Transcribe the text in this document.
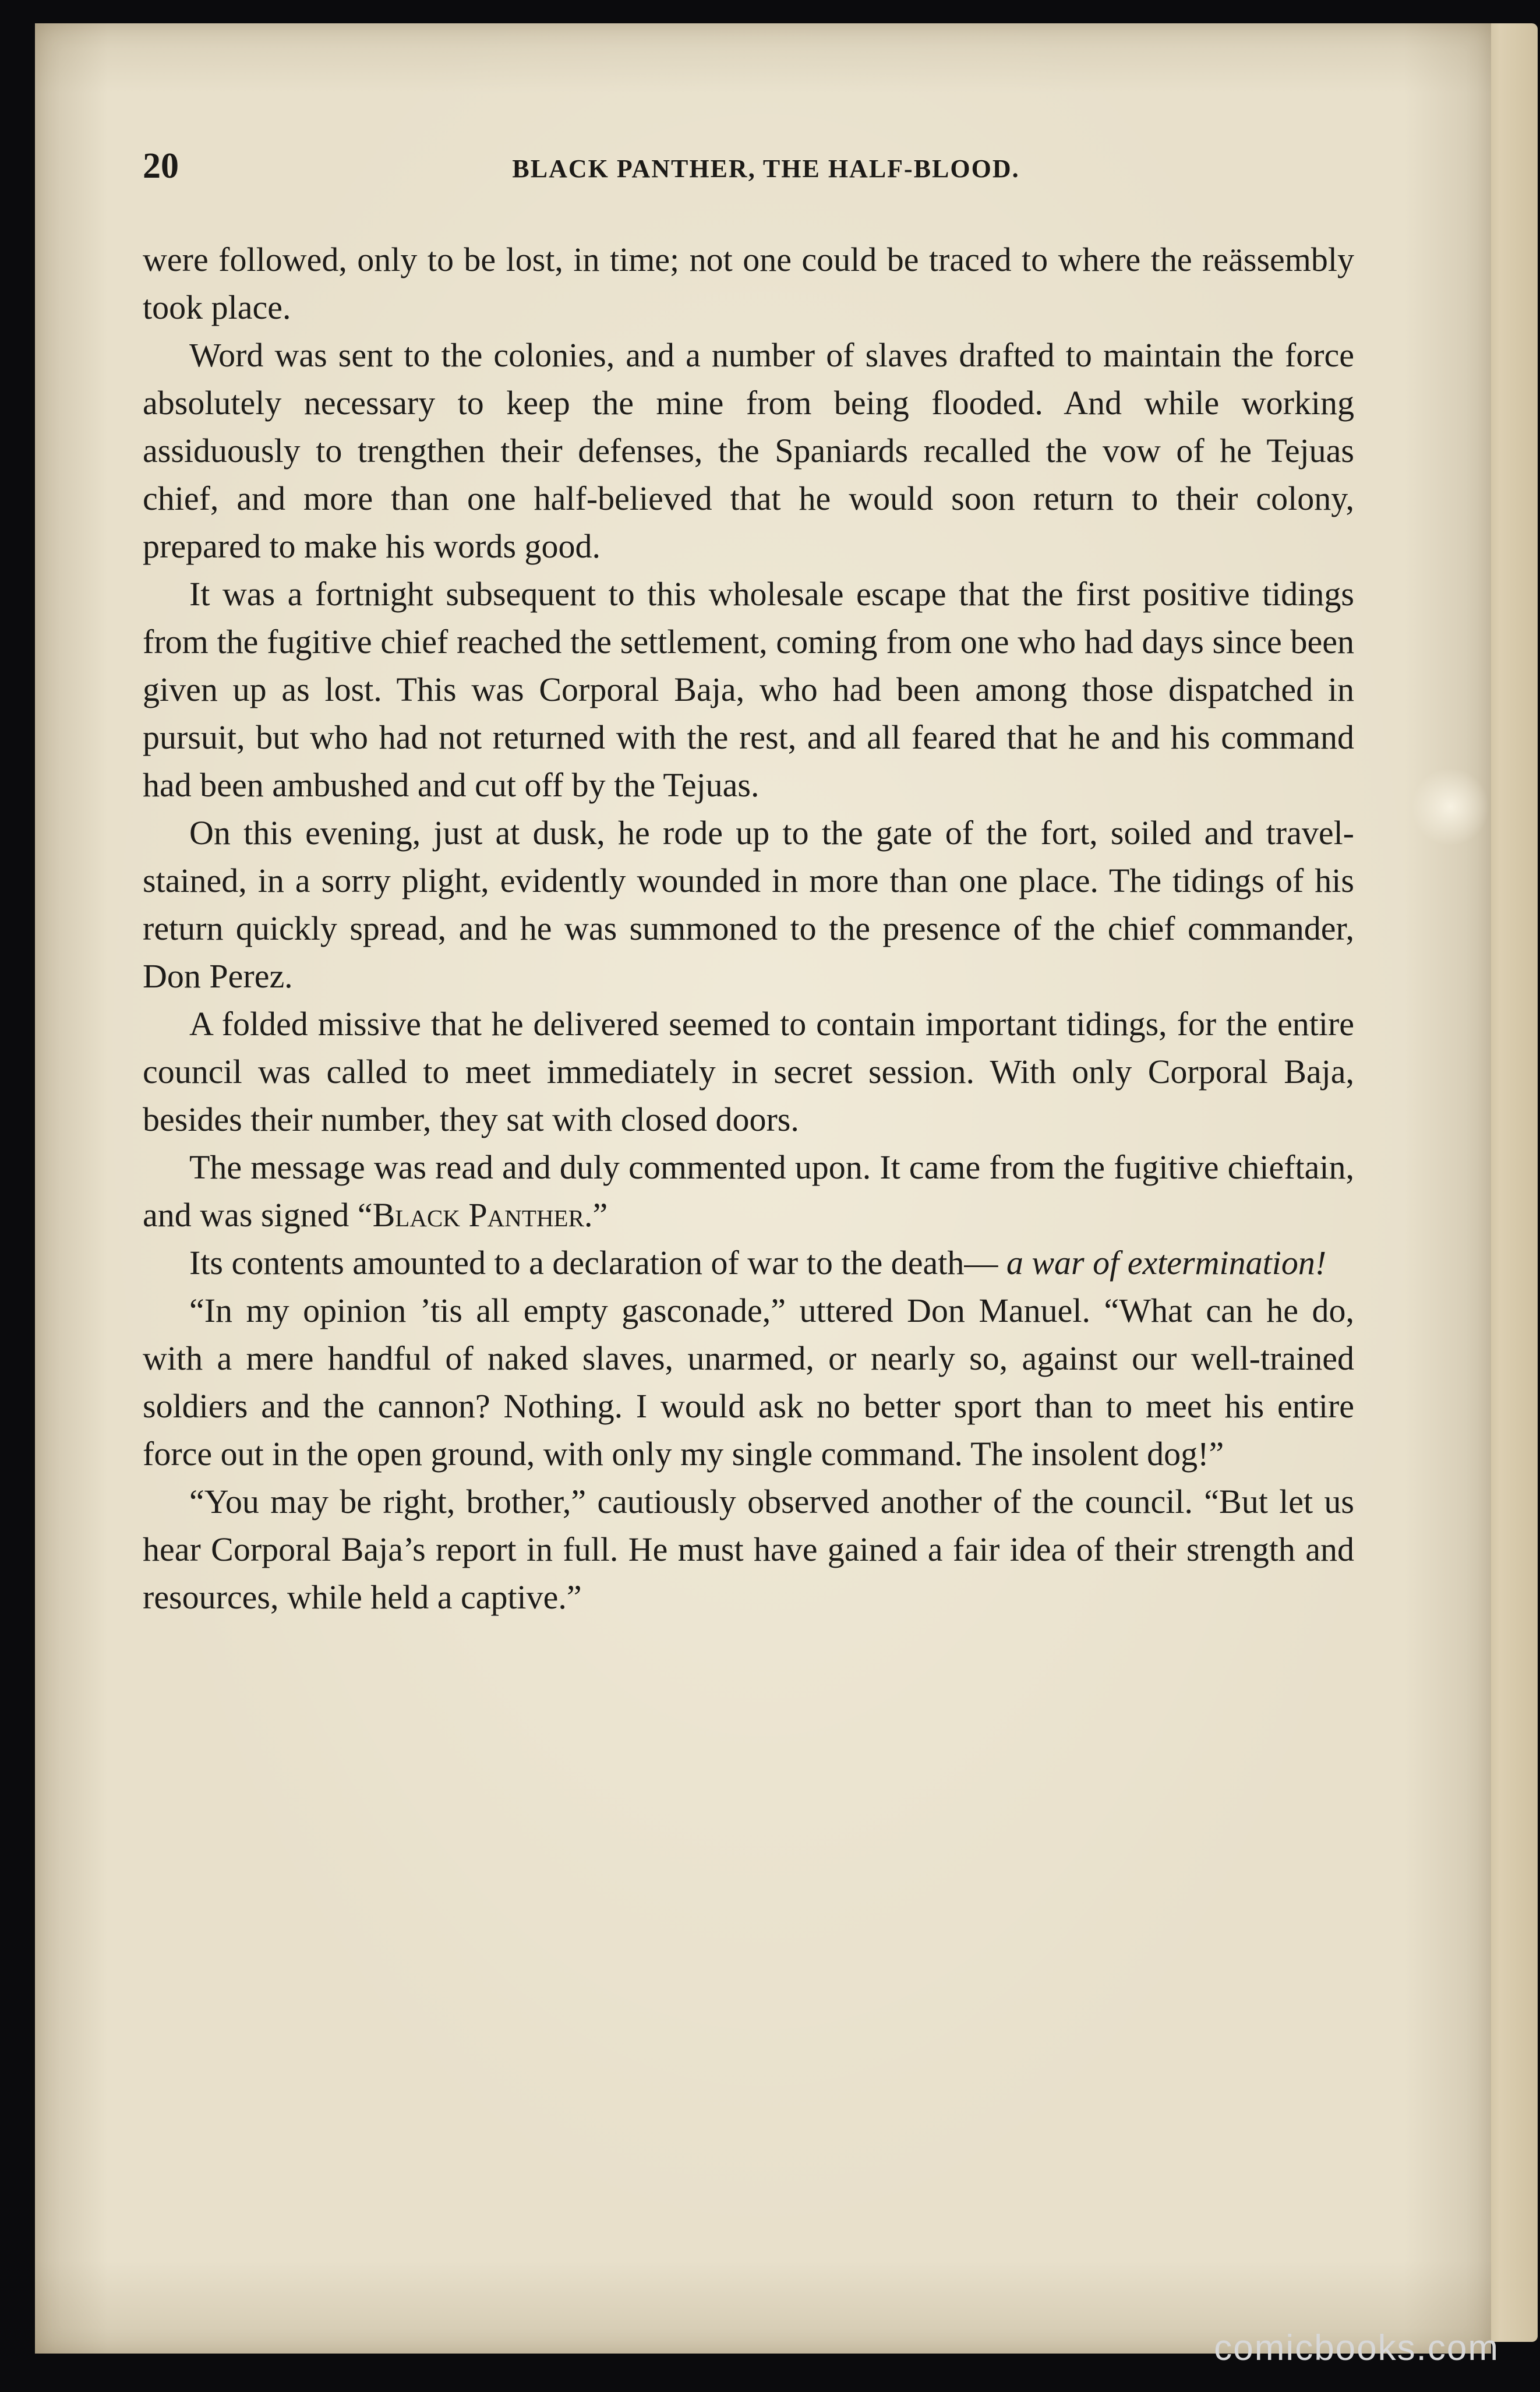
20	BLACK PANTHER, THE HALF-BLOOD.

were followed, only to be lost, in time; not one could be traced to where the reässembly took place.

Word was sent to the colonies, and a number of slaves drafted to maintain the force absolutely necessary to keep the mine from being flooded. And while working assiduously to trengthen their defenses, the Spaniards recalled the vow of he Tejuas chief, and more than one half-believed that he would soon return to their colony, prepared to make his words good.

It was a fortnight subsequent to this wholesale escape that the first positive tidings from the fugitive chief reached the settlement, coming from one who had days since been given up as lost. This was Corporal Baja, who had been among those dispatched in pursuit, but who had not returned with the rest, and all feared that he and his command had been ambushed and cut off by the Tejuas.

On this evening, just at dusk, he rode up to the gate of the fort, soiled and travel-stained, in a sorry plight, evidently wounded in more than one place. The tidings of his return quickly spread, and he was summoned to the presence of the chief commander, Don Perez.

A folded missive that he delivered seemed to contain important tidings, for the entire council was called to meet immediately in secret session. With only Corporal Baja, besides their number, they sat with closed doors.

The message was read and duly commented upon. It came from the fugitive chieftain, and was signed “Black Panther.”

Its contents amounted to a declaration of war to the death— a war of extermination!

“In my opinion ’tis all empty gasconade,” uttered Don Manuel. “What can he do, with a mere handful of naked slaves, unarmed, or nearly so, against our well-trained soldiers and the cannon? Nothing. I would ask no better sport than to meet his entire force out in the open ground, with only my single command. The insolent dog!”

“You may be right, brother,” cautiously observed another of the council. “But let us hear Corporal Baja’s report in full. He must have gained a fair idea of their strength and resources, while held a captive.”

comicbooks.com
